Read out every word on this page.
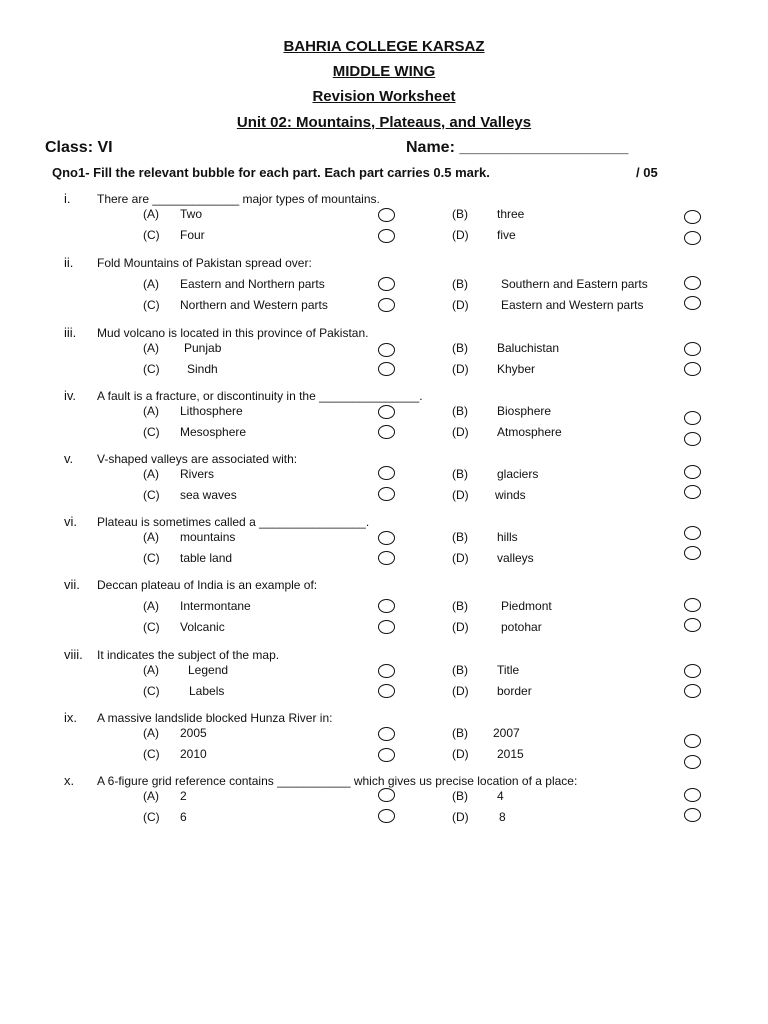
BAHRIA COLLEGE KARSAZ
MIDDLE WING
Revision Worksheet
Unit 02: Mountains, Plateaus, and Valleys
Class: VI	Name: ___________________
Qno1- Fill the relevant bubble for each part. Each part carries 0.5 mark.	/ 05
i. There are _____________ major types of mountains.
(A) Two	(B) three
(C) Four	(D) five
ii. Fold Mountains of Pakistan spread over:
(A) Eastern and Northern parts	(B)	Southern and Eastern parts
(C) Northern and Western parts	(D)	Eastern and Western parts
iii. Mud volcano is located in this province of Pakistan.
(A) Punjab	(B) Baluchistan
(C) Sindh	(D) Khyber
iv. A fault is a fracture, or discontinuity in the _______________.
(A) Lithosphere	(B) Biosphere
(C) Mesosphere	(D) Atmosphere
v. V-shaped valleys are associated with:
(A) Rivers	(B) glaciers
(C) sea waves	(D) winds
vi. Plateau is sometimes called a ________________.
(A) mountains	(B) hills
(C) table land	(D) valleys
vii. Deccan plateau of India is an example of:
(A) Intermontane	(B)	Piedmont
(C) Volcanic	(D)	potohar
viii. It indicates the subject of the map.
(A) Legend	(B) Title
(C) Labels	(D) border
ix. A massive landslide blocked Hunza River in:
(A) 2005	(B) 2007
(C) 2010	(D) 2015
x. A 6-figure grid reference contains ___________ which gives us precise location of a place:
(A) 2	(B) 4
(C) 6	(D)	8
